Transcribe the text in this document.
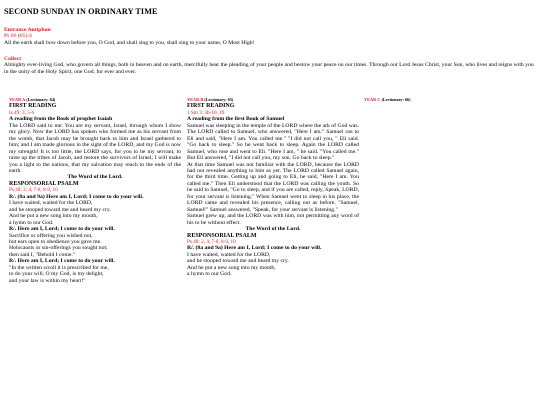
SECOND SUNDAY IN ORDINARY TIME
Entrance Antiphon
Ps 66 (65):4
All the earth shall bow down before you, O God, and shall sing to you, shall sing to your name, O Most High!
Collect
Almighty ever-living God, who govern all things, both in heaven and on earth, mercifully hear the pleading of your people and bestow your peace on our times. Through our Lord Jesus Christ, your Son, who lives and reigns with you in the unity of the Holy Spirit, one God, for ever and ever.

YEAR A (Lectionary: 64)

FIRST READING

Is 49: 3, 5-6

A reading from the Book of prophet Isaiah

The LORD said to me: You are my servant, Israel, through whom I show my glory. Now the LORD has spoken who formed me as his servant from the womb, that Jacob may be brought back to him and Israel gathered to him; and I am made glorious in the sight of the LORD, and my God is now my strength! It is too little, the LORD says, for you to be my servant, to raise up the tribes of Jacob, and restore the survivors of Israel; I will make you a light to the nations, that my salvation may reach to the ends of the earth.

The Word of the Lord.

RESPONSORIAL PSALM

Ps 40: 2, 4, 7-8, 8-9, 10

R/. (8a and 9a) Here am I, Lord; I come to do your will.

I have waited, waited for the LORD,
and he stooped toward me and heard my cry.
And he put a new song into my mouth,
a hymn to our God.

R/. Here am I, Lord; I come to do your will.

Sacrifice or offering you wished not,
but ears open to obedience you gave me.
Holocausts or sin-offerings you sought not;
then said I, "Behold I come."

R/. Here am I, Lord; I come to do your will.

"In the written scroll it is prescribed for me,
to do your will, O my God, is my delight,
and your law is within my heart!"

YEAR B (Lectionary: 65)

FIRST READING

1 Sm 3: 3b-10, 19

A reading from the first Book of Samuel

Samuel was sleeping in the temple of the LORD where the ark of God was. The LORD called to Samuel, who answered, "Here I am." Samuel ran to Eli and said, "Here I am. You called me." "I did not call you, " Eli said. "Go back to sleep." So he went back to sleep. Again the LORD called Samuel, who rose and went to Eli. "Here I am, " he said. "You called me." But Eli answered, "I did not call you, my son. Go back to sleep."

At that time Samuel was not familiar with the LORD, because the LORD had not revealed anything to him as yet. The LORD called Samuel again, for the third time. Getting up and going to Eli, he said, "Here I am. You called me." Then Eli understood that the LORD was calling the youth. So he said to Samuel, "Go to sleep, and if you are called, reply, Speak, LORD, for your servant is listening." When Samuel went to sleep in his place, the LORD came and revealed his presence, calling out as before, "Samuel, Samuel!" Samuel answered, "Speak, for your servant is listening."

Samuel grew up, and the LORD was with him, not permitting any word of his to be without effect.

The Word of the Lord.

RESPONSORIAL PSALM

Ps 40: 2, 4, 7-8, 8-9, 10

R/. (8a and 9a) Here am I, Lord; I come to do your will.

I have waited, waited for the LORD,
and he stooped toward me and heard my cry.
And he put a new song into my mouth,
a hymn to our God.

YEAR C (Lectionary: 66)
